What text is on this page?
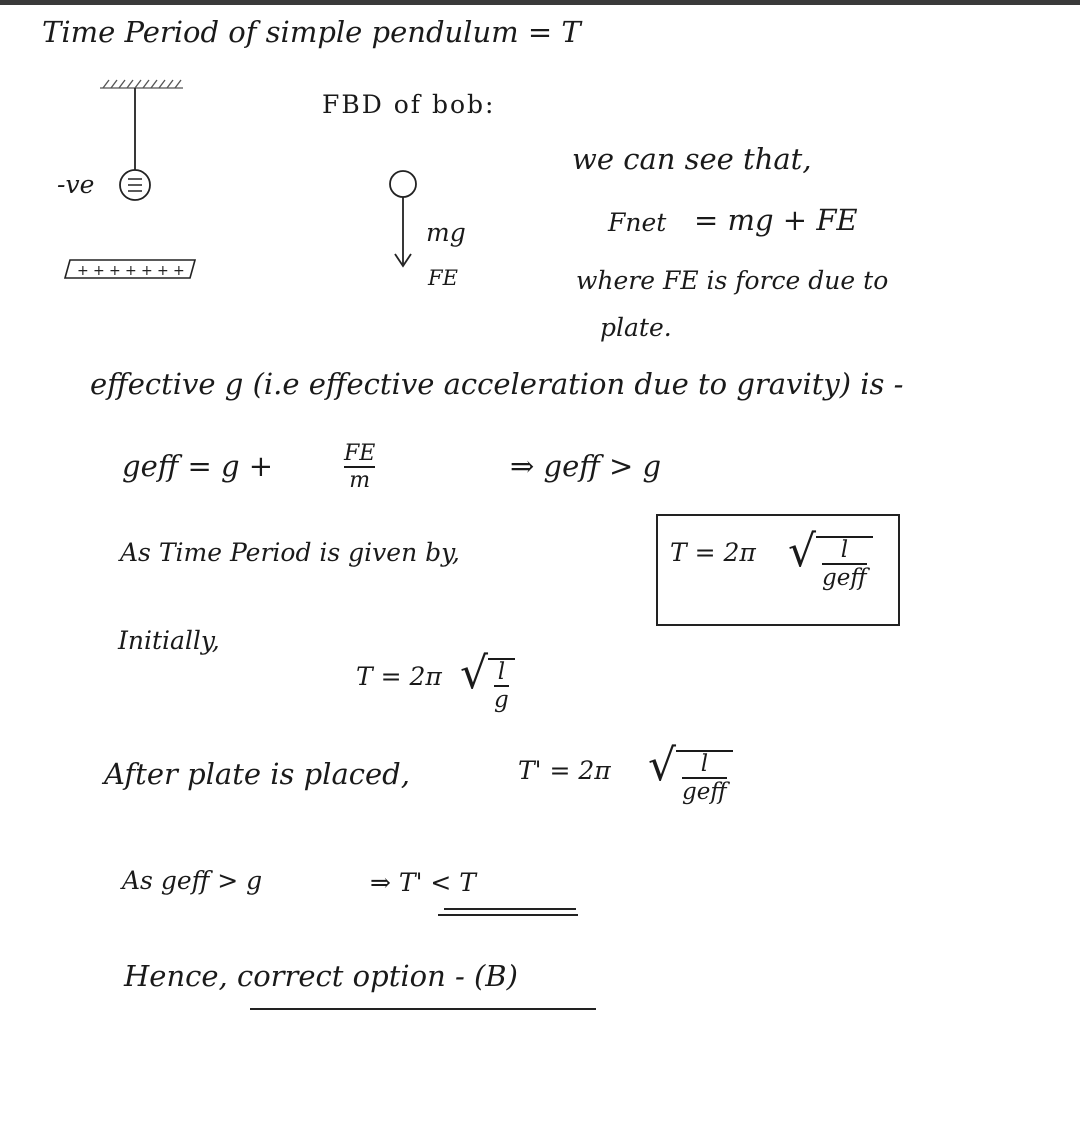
Time Period of simple pendulum = T
+ + + + + + +
-ve
FBD of bob:
mg
FE
we can see that,
Fnet = mg + FE
where FE is force due to
plate.
effective g (i.e effective acceleration due to gravity) is -
geff = g +	FE
m	⇒ geff > g
As Time Period is given by,	T = 2π √ l
geff
Initially,
T = 2π √ l
g
After plate is placed,	T' = 2π √ l
geff
As geff > g	⇒ T' < T
Hence, correct option - (B)
